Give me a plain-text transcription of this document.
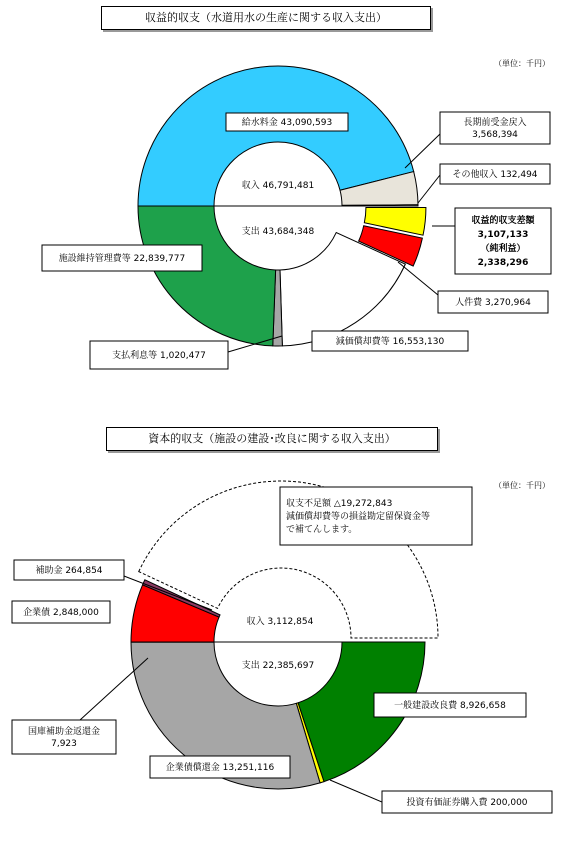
収益的収支（水道用水の生産に関する収入支出）
（単位：千円）
資本的収支（施設の建設･改良に関する収入支出）
（単位：千円）
収入 46,791,481
支出 43,684,348
給水料金 43,090,593	長期前受金戻入
3,568,394
その他収入 132,494
収益的収支差額
3,107,133
（純利益）
2,338,296
人件費 3,270,964
減価償却費等 16,553,130
支払利息等 1,020,477
施設維持管理費等 22,839,777
収入 3,112,854
支出 22,385,697
収支不足額 △19,272,843
減価償却費等の損益勘定留保資金等
で補てんします。
補助金 264,854
企業債 2,848,000
一般建設改良費 8,926,658
投資有価証券購入費 200,000
企業債償還金 13,251,116
国庫補助金返還金
7,923
